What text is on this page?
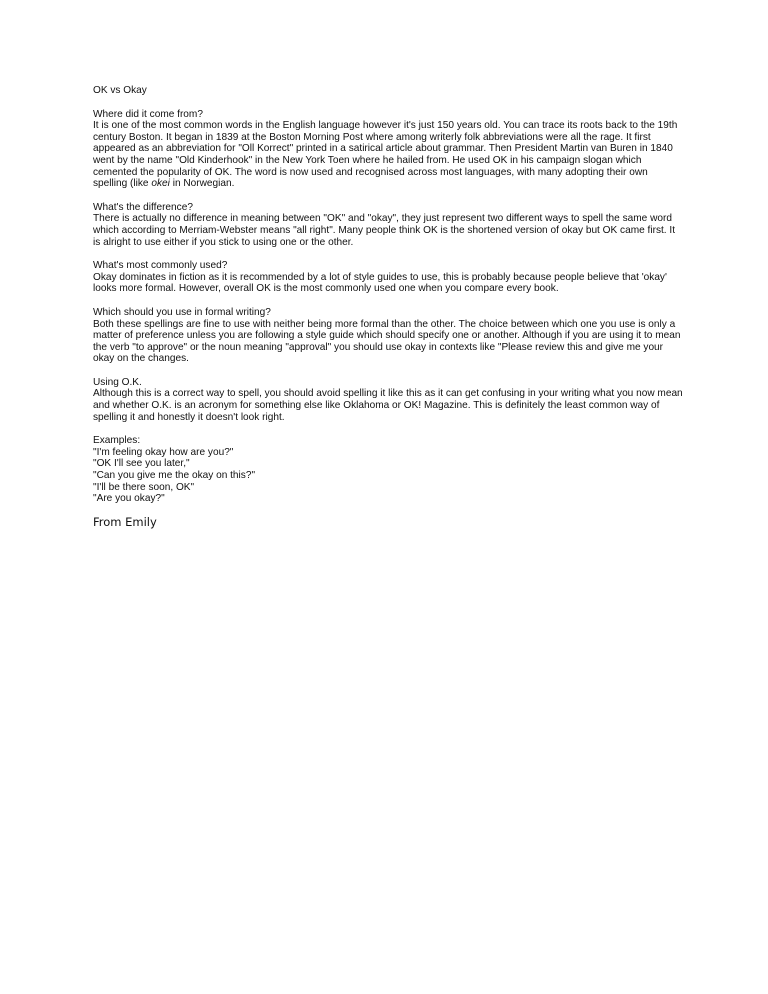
OK vs Okay

Where did it come from?

It is one of the most common words in the English language however it's just 150 years old. You can trace its roots back to the 19th century Boston. It began in 1839 at the Boston Morning Post where among writerly folk abbreviations were all the rage. It first appeared as an abbreviation for "Oll Korrect" printed in a satirical article about grammar. Then President Martin van Buren in 1840 went by the name "Old Kinderhook" in the New York Toen where he hailed from. He used OK in his campaign slogan which cemented the popularity of OK. The word is now used and recognised across most languages, with many adopting their own spelling (like okei in Norwegian.

What's the difference?

There is actually no difference in meaning between "OK" and "okay", they just represent two different ways to spell the same word which according to Merriam-Webster means "all right". Many people think OK is the shortened version of okay but OK came first. It is alright to use either if you stick to using one or the other.

What's most commonly used?

Okay dominates in fiction as it is recommended by a lot of style guides to use, this is probably because people believe that 'okay' looks more formal. However, overall OK is the most commonly used one when you compare every book.

Which should you use in formal writing?

Both these spellings are fine to use with neither being more formal than the other. The choice between which one you use is only a matter of preference unless you are following a style guide which should specify one or another. Although if you are using it to mean the verb "to approve" or the noun meaning "approval" you should use okay in contexts like "Please review this and give me your okay on the changes.

Using O.K.

Although this is a correct way to spell, you should avoid spelling it like this as it can get confusing in your writing what you now mean and whether O.K. is an acronym for something else like Oklahoma or OK! Magazine. This is definitely the least common way of spelling it and honestly it doesn't look right.

Examples:

"I'm feeling okay how are you?"
"OK I'll see you later,"
"Can you give me the okay on this?"
"I'll be there soon, OK"
"Are you okay?"
From Emily
